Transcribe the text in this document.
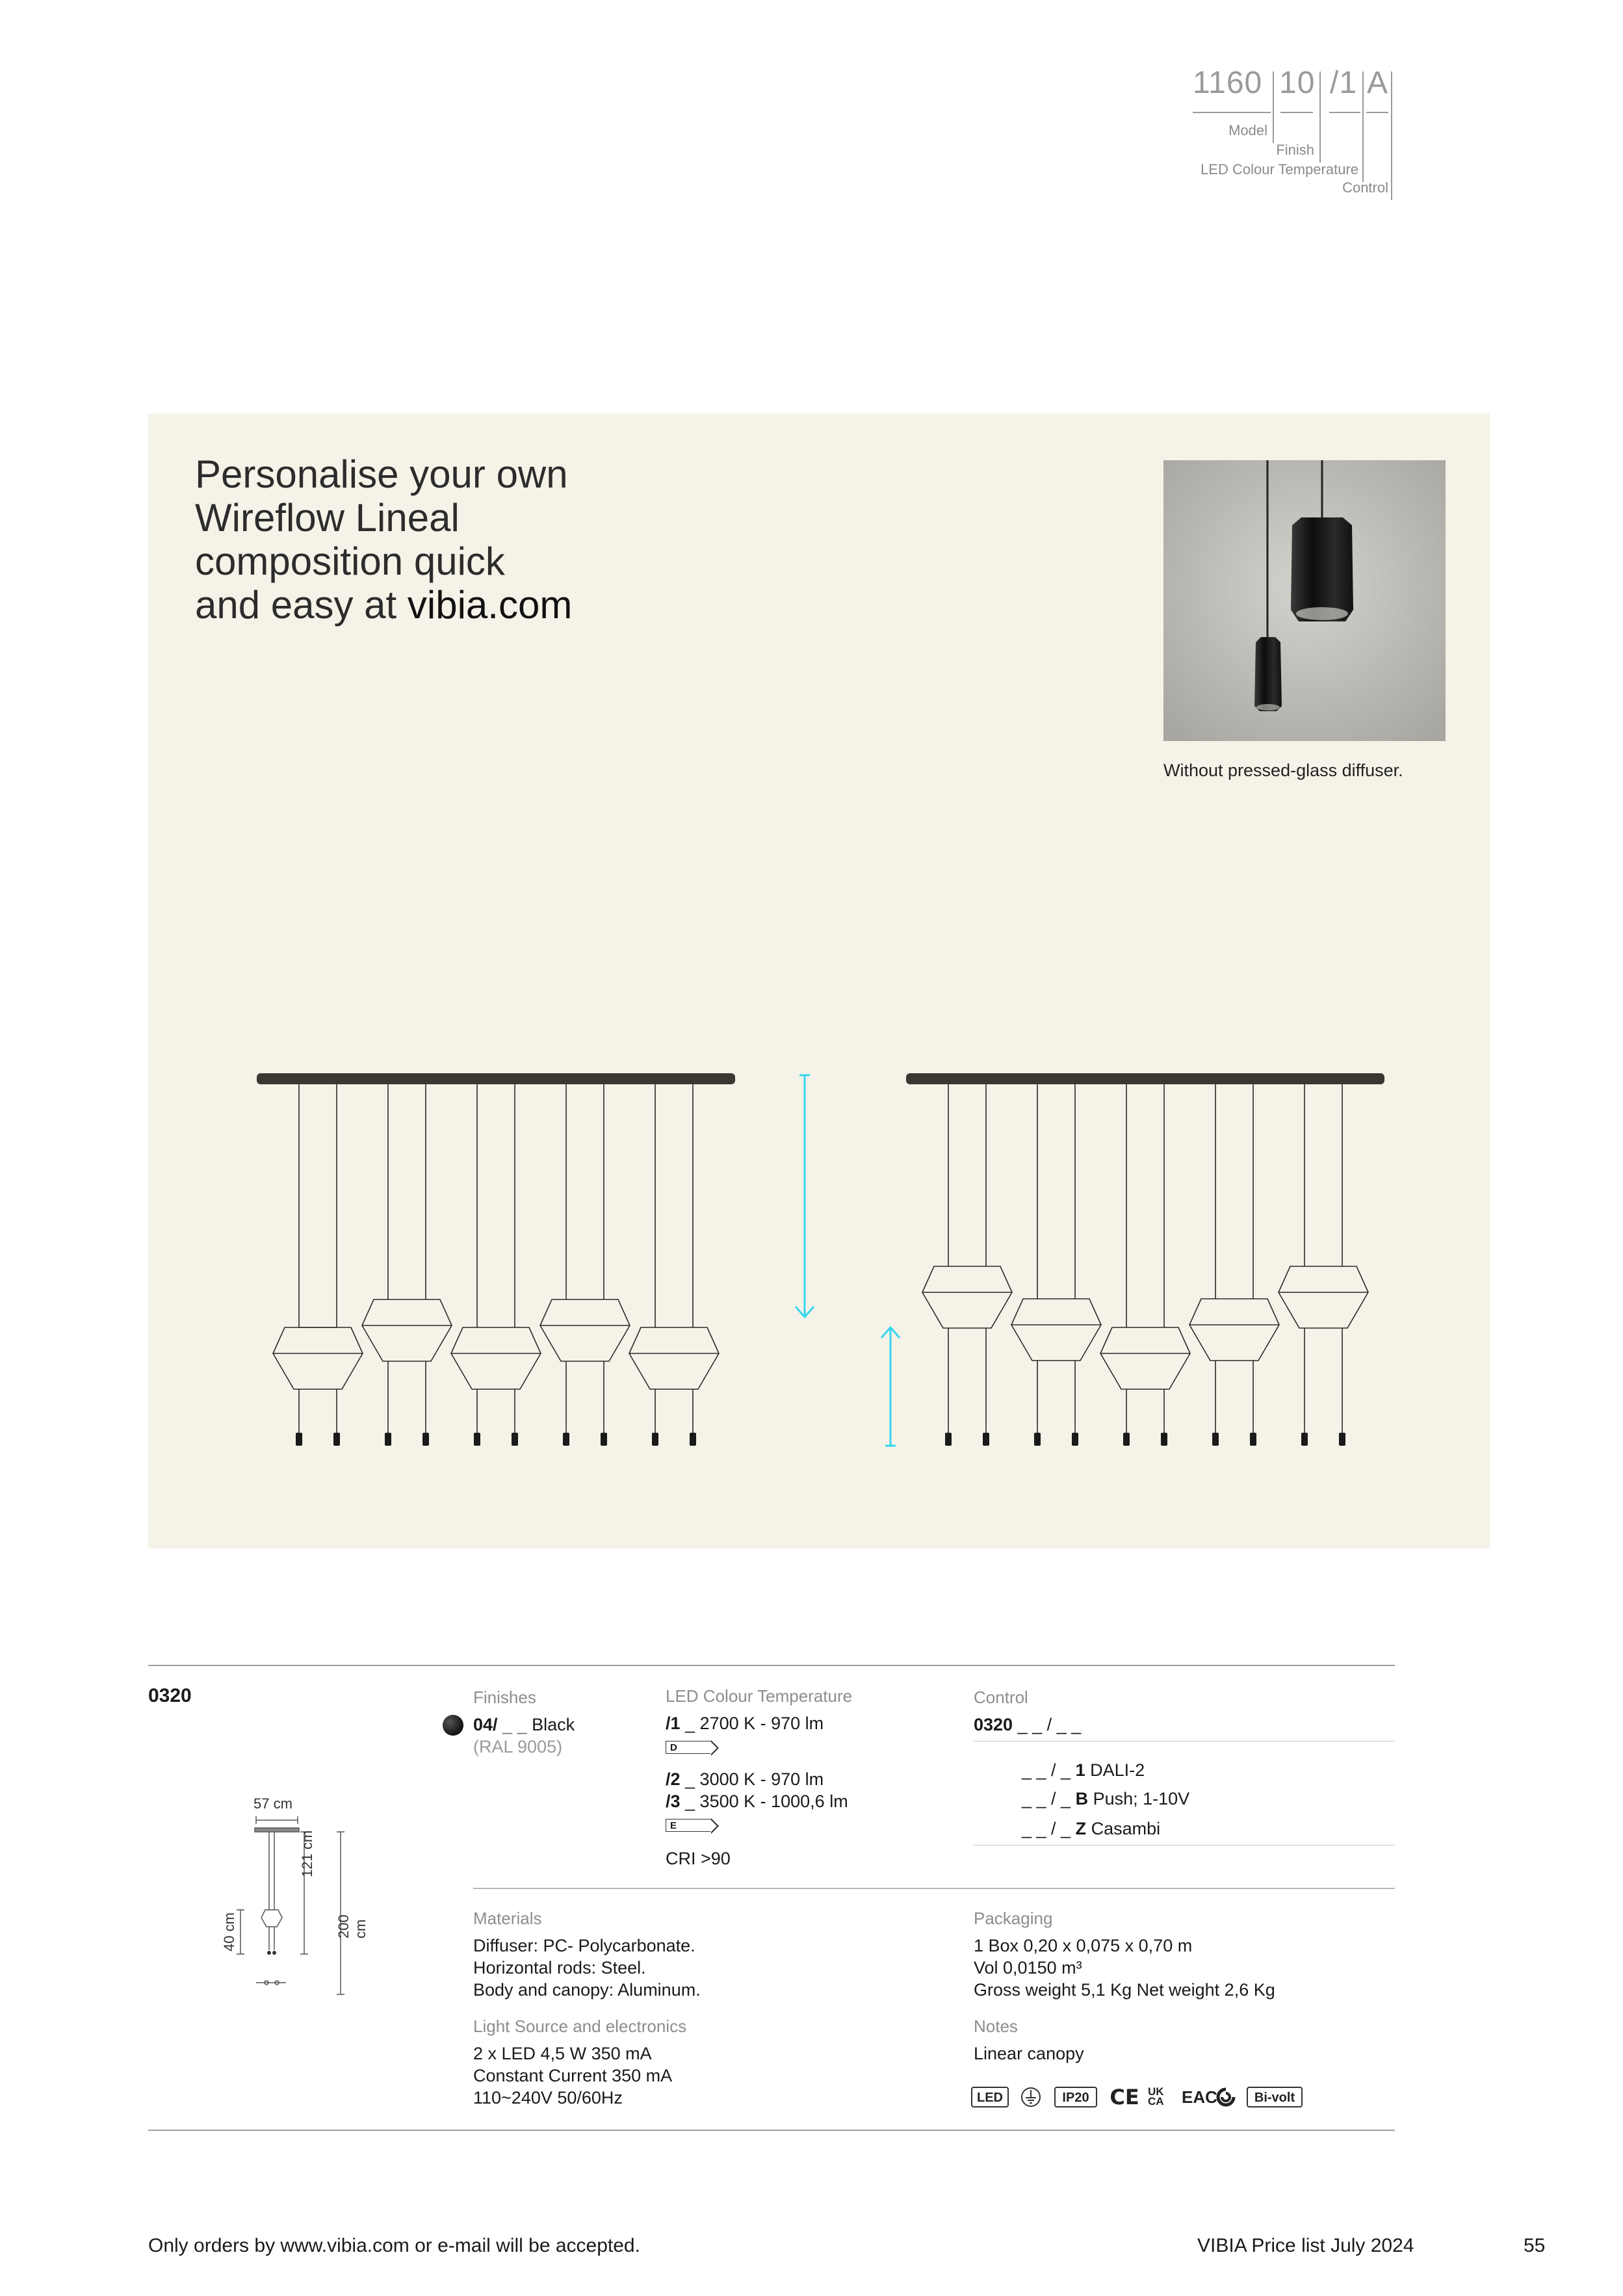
1160 10 /1 A
Model
Finish
LED Colour Temperature
Control
Personalise your own
Wireflow Lineal
composition quick
and easy at vibia.com
Without pressed-glass diffuser.
0320
57 cm
121 cm
200 cm
40 cm
Finishes
04/ _ _ Black
(RAL 9005)
LED Colour Temperature
/1 _ 2700 K - 970 lm
D
/2 _ 3000 K - 970 lm
/3 _ 3500 K - 1000,6 lm
E
CRI >90
Control
0320 _ _ / _ _
_ _ / _ 1 DALI-2
_ _ / _ B Push; 1-10V
_ _ / _ Z Casambi
Materials
Diffuser: PC- Polycarbonate.
Horizontal rods: Steel.
Body and canopy: Aluminum.
Light Source and electronics
2 x LED 4,5 W 350 mA
Constant Current 350 mA
110~240V 50/60Hz
Packaging
1 Box 0,20 x 0,075 x 0,70 m
Vol 0,0150 m³
Gross weight 5,1 Kg Net weight 2,6 Kg
Notes
Linear canopy
LED	IP20 CE UK CA	EAC	Bi-volt
Only orders by www.vibia.com or e-mail will be accepted.	VIBIA Price list July 2024	55
